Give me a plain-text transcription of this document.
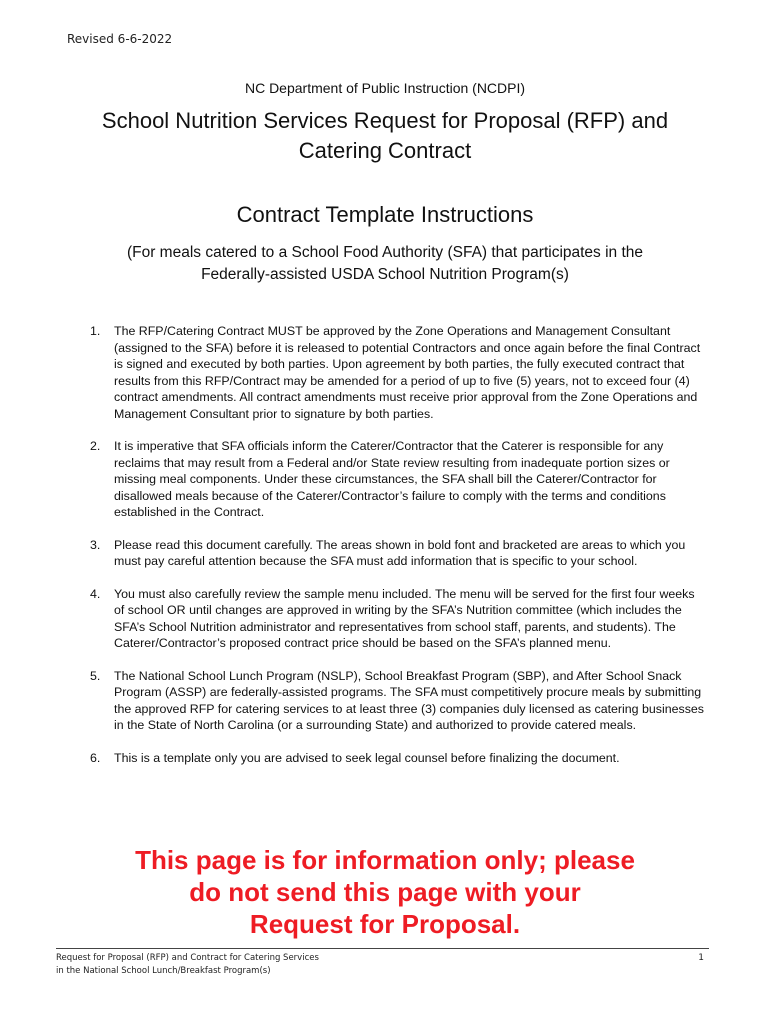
Revised 6-6-2022
NC Department of Public Instruction (NCDPI)
School Nutrition Services Request for Proposal (RFP) and
Catering Contract
Contract Template Instructions
(For meals catered to a School Food Authority (SFA) that participates in the
Federally-assisted USDA School Nutrition Program(s)
1. The RFP/Catering Contract MUST be approved by the Zone Operations and Management Consultant (assigned to the SFA) before it is released to potential Contractors and once again before the final Contract is signed and executed by both parties. Upon agreement by both parties, the fully executed contract that results from this RFP/Contract may be amended for a period of up to five (5) years, not to exceed four (4) contract amendments. All contract amendments must receive prior approval from the Zone Operations and Management Consultant prior to signature by both parties.
2. It is imperative that SFA officials inform the Caterer/Contractor that the Caterer is responsible for any reclaims that may result from a Federal and/or State review resulting from inadequate portion sizes or missing meal components. Under these circumstances, the SFA shall bill the Caterer/Contractor for disallowed meals because of the Caterer/Contractor’s failure to comply with the terms and conditions established in the Contract.
3. Please read this document carefully. The areas shown in bold font and bracketed are areas to which you must pay careful attention because the SFA must add information that is specific to your school.
4. You must also carefully review the sample menu included. The menu will be served for the first four weeks of school OR until changes are approved in writing by the SFA’s Nutrition committee (which includes the SFA’s School Nutrition administrator and representatives from school staff, parents, and students). The Caterer/Contractor’s proposed contract price should be based on the SFA’s planned menu.
5. The National School Lunch Program (NSLP), School Breakfast Program (SBP), and After School Snack Program (ASSP) are federally-assisted programs. The SFA must competitively procure meals by submitting the approved RFP for catering services to at least three (3) companies duly licensed as catering businesses in the State of North Carolina (or a surrounding State) and authorized to provide catered meals.
6. This is a template only you are advised to seek legal counsel before finalizing the document.
This page is for information only; please
do not send this page with your
Request for Proposal.
Request for Proposal (RFP) and Contract for Catering Services
in the National School Lunch/Breakfast Program(s)
1
